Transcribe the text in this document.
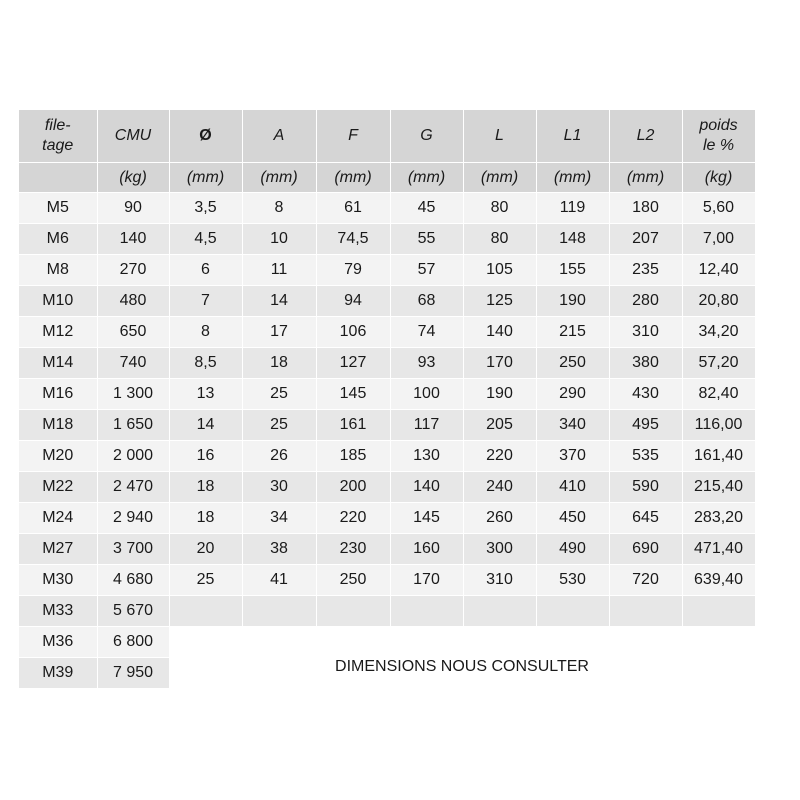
file-
tage	CMU	Ø	A	F	G	L	L1	L2	poids
le %
	(kg)	(mm)	(mm)	(mm)	(mm)	(mm)	(mm)	(mm)	(kg)
M5	90	3,5	8	61	45	80	119	180	5,60
M6	140	4,5	10	74,5	55	80	148	207	7,00
M8	270	6	11	79	57	105	155	235	12,40
M10	480	7	14	94	68	125	190	280	20,80
M12	650	8	17	106	74	140	215	310	34,20
M14	740	8,5	18	127	93	170	250	380	57,20
M16	1 300	13	25	145	100	190	290	430	82,40
M18	1 650	14	25	161	117	205	340	495	116,00
M20	2 000	16	26	185	130	220	370	535	161,40
M22	2 470	18	30	200	140	240	410	590	215,40
M24	2 940	18	34	220	145	260	450	645	283,20
M27	3 700	20	38	230	160	300	490	690	471,40
M30	4 680	25	41	250	170	310	530	720	639,40
M33	5 670								
M36	6 800	DIMENSIONS NOUS CONSULTER							
M39	7 950								
